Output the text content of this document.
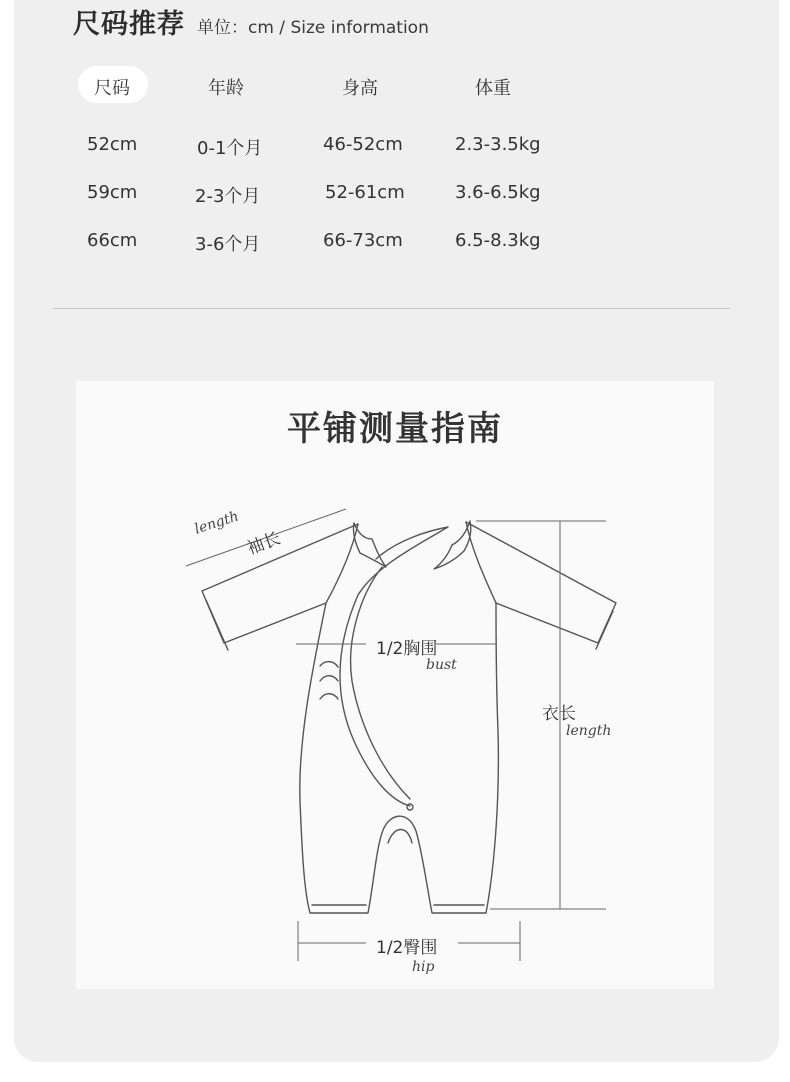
尺码推荐 单位：cm / Size information
尺码	年龄	身高	体重
52cm	0-1个月	46-52cm	2.3-3.5kg
59cm	2-3个月	52-61cm	3.6-6.5kg
66cm	3-6个月	66-73cm	6.5-8.3kg
平铺测量指南
length
袖长
1/2胸围
bust
衣长
length
1/2臀围
hip
